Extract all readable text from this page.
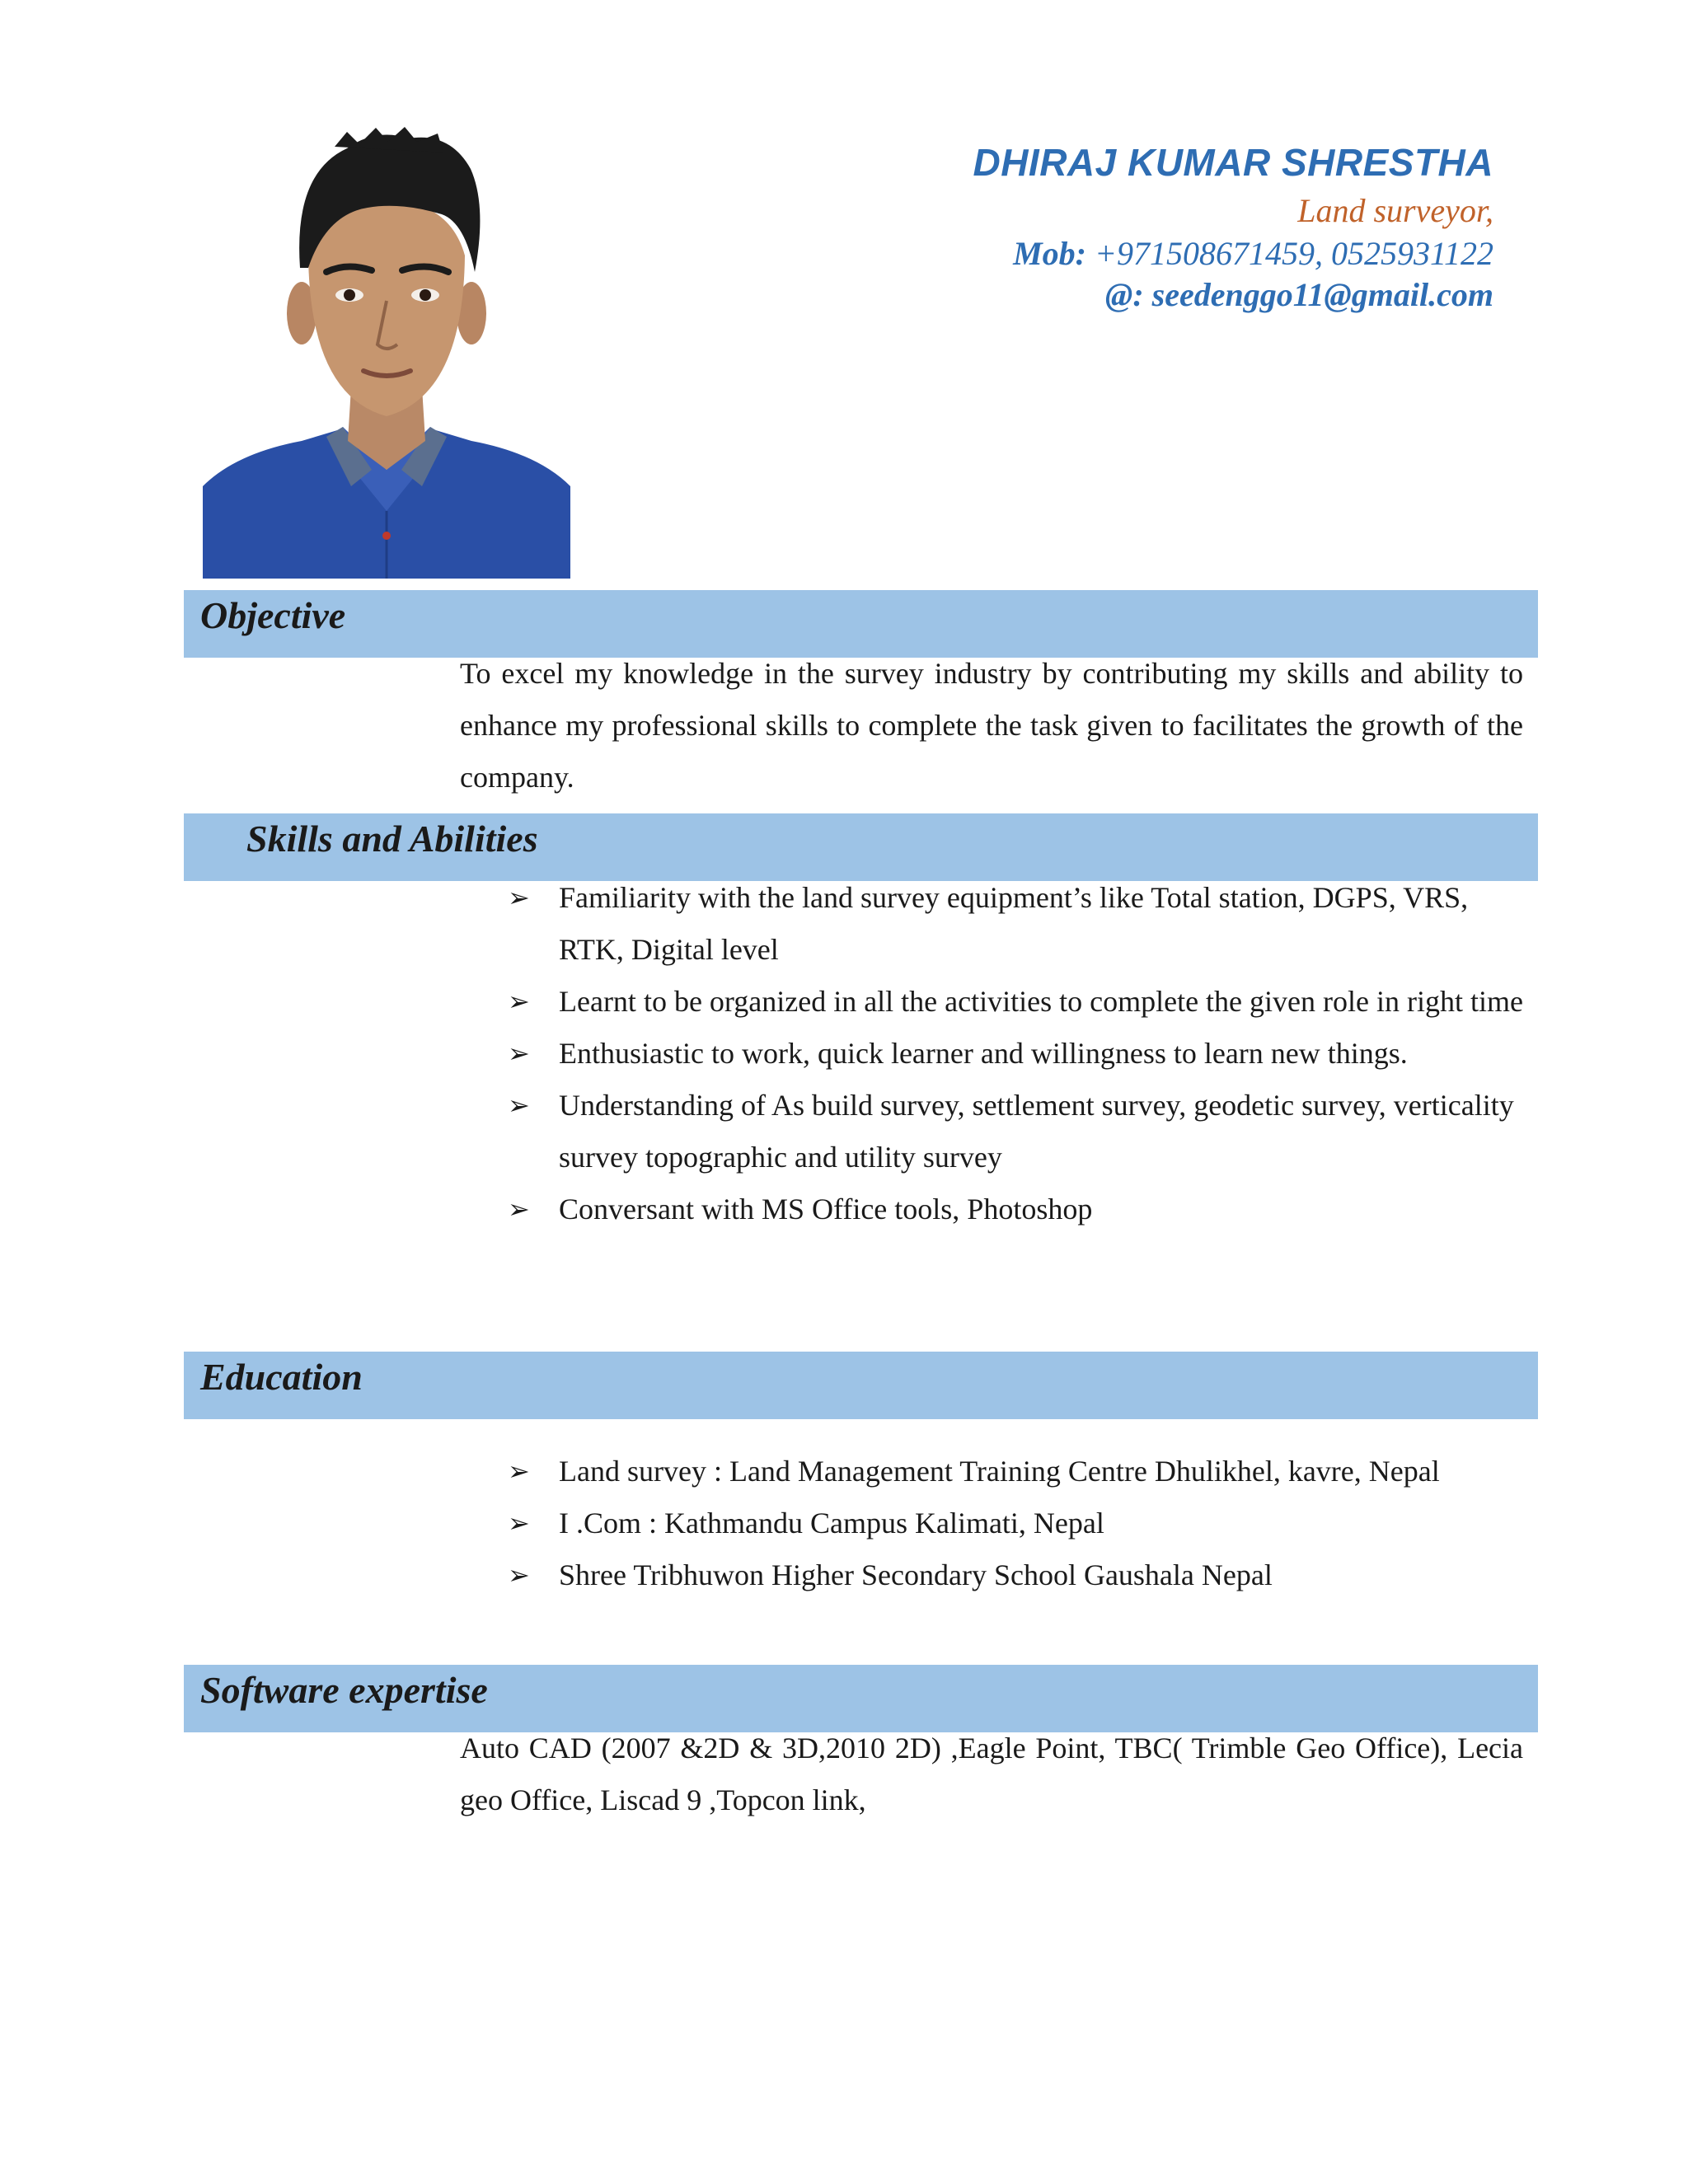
DHIRAJ KUMAR SHRESTHA
Land surveyor,
Mob: +971508671459, 0525931122
@: seedenggo11@gmail.com
Objective
To excel my knowledge in the survey industry by contributing my skills and ability to enhance my professional skills to complete the task given to facilitates the growth of the company.
Skills and Abilities
➢ Familiarity with the land survey equipment’s like Total station, DGPS, VRS, RTK, Digital level
➢ Learnt to be organized in all the activities to complete the given role in right time
➢ Enthusiastic to work, quick learner and willingness to learn new things.
➢ Understanding of As build survey, settlement survey, geodetic survey, verticality survey topographic and utility survey
➢ Conversant with MS Office tools, Photoshop
Education
➢ Land survey : Land Management Training Centre Dhulikhel, kavre, Nepal
➢ I .Com : Kathmandu Campus Kalimati, Nepal
➢ Shree Tribhuwon Higher Secondary School Gaushala Nepal
Software expertise
Auto CAD (2007 &2D & 3D,2010 2D) ,Eagle Point, TBC( Trimble Geo Office), Lecia geo Office, Liscad 9 ,Topcon link,
